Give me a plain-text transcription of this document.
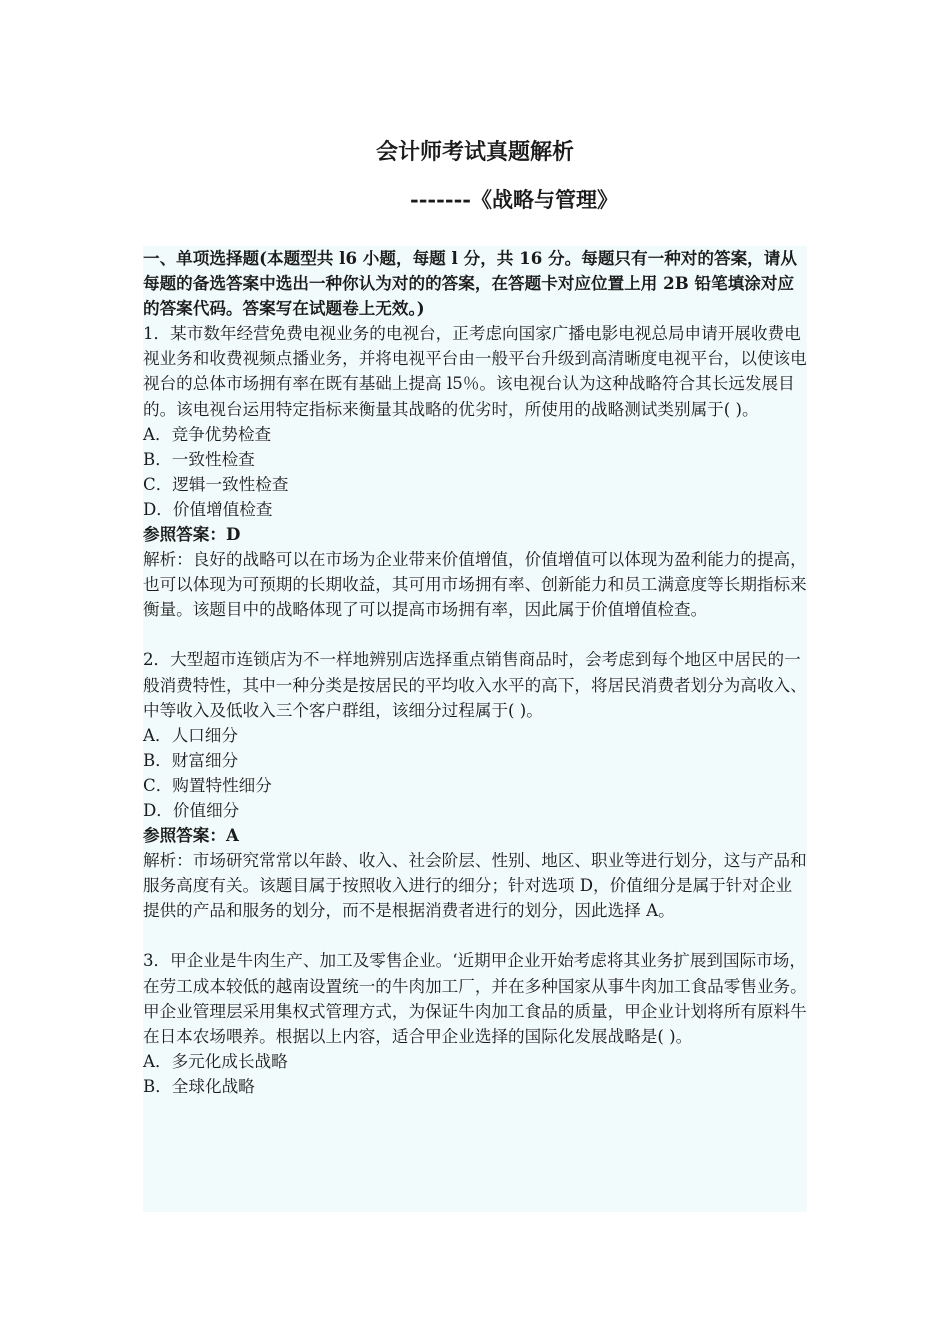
会计师考试真题解析
-------《战略与管理》

一、单项选择题(本题型共 l6 小题，每题 l 分，共 16 分。每题只有一种对的答案，请从每题的备选答案中选出一种你认为对的的答案，在答题卡对应位置上用 2B 铅笔填涂对应的答案代码。答案写在试题卷上无效。)

1．某市数年经营免费电视业务的电视台，正考虑向国家广播电影电视总局申请开展收费电视业务和收费视频点播业务，并将电视平台由一般平台升级到高清晰度电视平台，以使该电视台的总体市场拥有率在既有基础上提高 l5％。该电视台认为这种战略符合其长远发展目的。该电视台运用特定指标来衡量其战略的优劣时，所使用的战略测试类别属于( )。

A．竞争优势检查

B．一致性检查

C．逻辑一致性检查

D．价值增值检查

参照答案：D

解析：良好的战略可以在市场为企业带来价值增值，价值增值可以体现为盈利能力的提高，也可以体现为可预期的长期收益，其可用市场拥有率、创新能力和员工满意度等长期指标来衡量。该题目中的战略体现了可以提高市场拥有率，因此属于价值增值检查。

2．大型超市连锁店为不一样地辨别店选择重点销售商品时，会考虑到每个地区中居民的一般消费特性，其中一种分类是按居民的平均收入水平的高下，将居民消费者划分为高收入、中等收入及低收入三个客户群组，该细分过程属于( )。

A．人口细分

B．财富细分

C．购置特性细分

D．价值细分

参照答案：A

解析：市场研究常常以年龄、收入、社会阶层、性别、地区、职业等进行划分，这与产品和服务高度有关。该题目属于按照收入进行的细分；针对选项 D，价值细分是属于针对企业提供的产品和服务的划分，而不是根据消费者进行的划分，因此选择 A。

3．甲企业是牛肉生产、加工及零售企业。‘近期甲企业开始考虑将其业务扩展到国际市场，在劳工成本较低的越南设置统一的牛肉加工厂，并在多种国家从事牛肉加工食品零售业务。甲企业管理层采用集权式管理方式，为保证牛肉加工食品的质量，甲企业计划将所有原料牛在日本农场喂养。根据以上内容，适合甲企业选择的国际化发展战略是( )。

A．多元化成长战略

B．全球化战略
